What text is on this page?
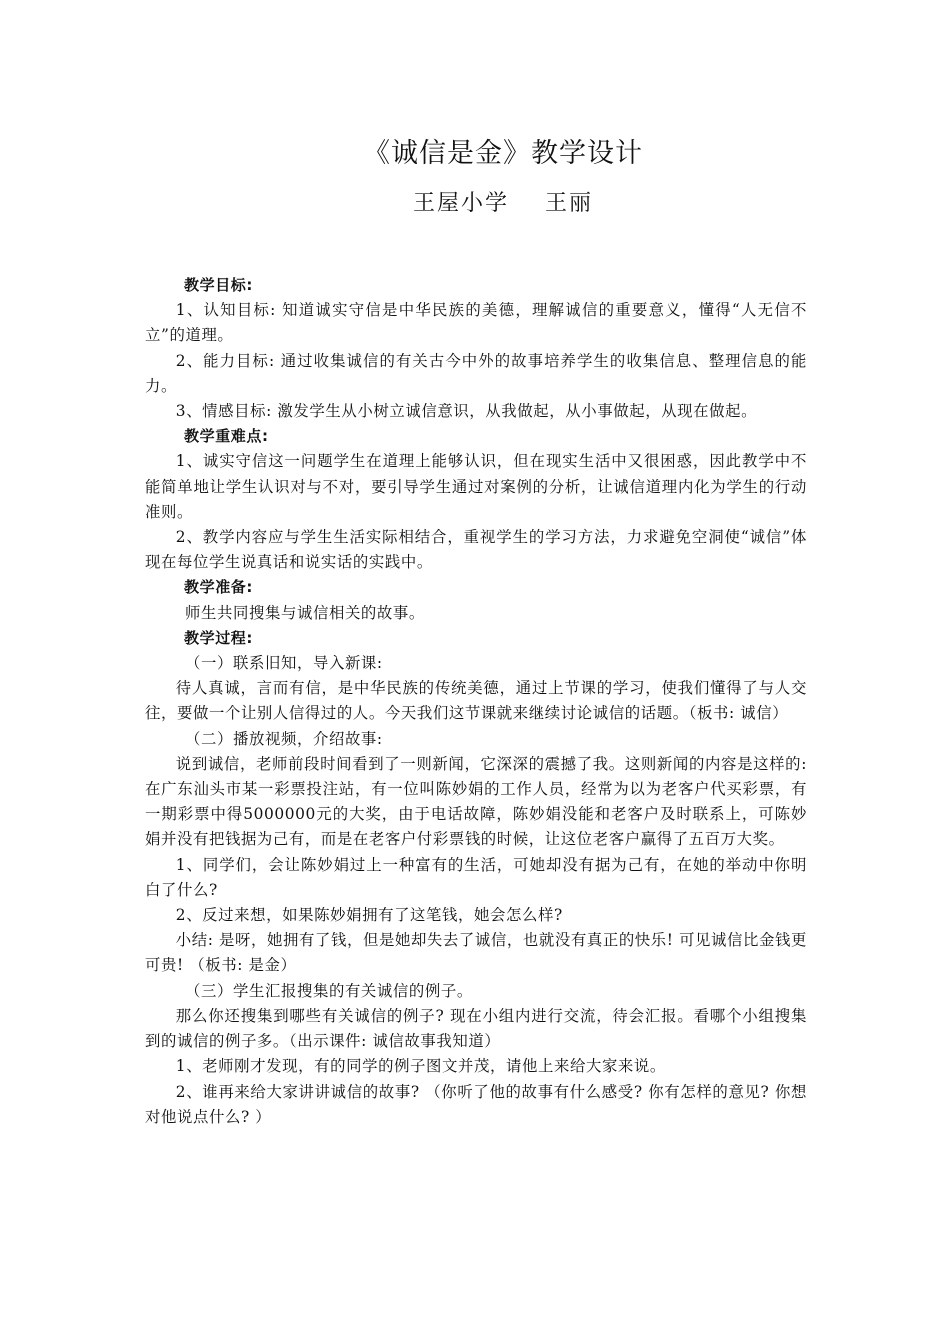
《诚信是金》教学设计
王屋小学    王丽

教学目标:

1、认知目标: 知道诚实守信是中华民族的美德，理解诚信的重要意义，懂得“人无信不立”的道理。

2、能力目标: 通过收集诚信的有关古今中外的故事培养学生的收集信息、整理信息的能力。

3、情感目标: 激发学生从小树立诚信意识，从我做起，从小事做起，从现在做起。

教学重难点:

1、诚实守信这一问题学生在道理上能够认识，但在现实生活中又很困惑，因此教学中不能简单地让学生认识对与不对，要引导学生通过对案例的分析，让诚信道理内化为学生的行动准则。

2、教学内容应与学生生活实际相结合，重视学生的学习方法，力求避免空洞使“诚信”体现在每位学生说真话和说实话的实践中。

教学准备:

师生共同搜集与诚信相关的故事。

教学过程:

（一）联系旧知，导入新课:

待人真诚，言而有信，是中华民族的传统美德，通过上节课的学习，使我们懂得了与人交往，要做一个让别人信得过的人。今天我们这节课就来继续讨论诚信的话题。（板书: 诚信）

（二）播放视频，介绍故事:

说到诚信，老师前段时间看到了一则新闻，它深深的震撼了我。这则新闻的内容是这样的: 在广东汕头市某一彩票投注站，有一位叫陈妙娟的工作人员，经常为以为老客户代买彩票，有一期彩票中得5000000元的大奖，由于电话故障，陈妙娟没能和老客户及时联系上，可陈妙娟并没有把钱据为己有，而是在老客户付彩票钱的时候，让这位老客户赢得了五百万大奖。

1、同学们，会让陈妙娟过上一种富有的生活，可她却没有据为己有，在她的举动中你明白了什么?

2、反过来想，如果陈妙娟拥有了这笔钱，她会怎么样?

小结: 是呀，她拥有了钱，但是她却失去了诚信，也就没有真正的快乐! 可见诚信比金钱更可贵! （板书: 是金）

（三）学生汇报搜集的有关诚信的例子。

那么你还搜集到哪些有关诚信的例子? 现在小组内进行交流，待会汇报。看哪个小组搜集到的诚信的例子多。（出示课件: 诚信故事我知道）

1、老师刚才发现，有的同学的例子图文并茂，请他上来给大家来说。

2、谁再来给大家讲讲诚信的故事? （你听了他的故事有什么感受? 你有怎样的意见? 你想对他说点什么? ）
